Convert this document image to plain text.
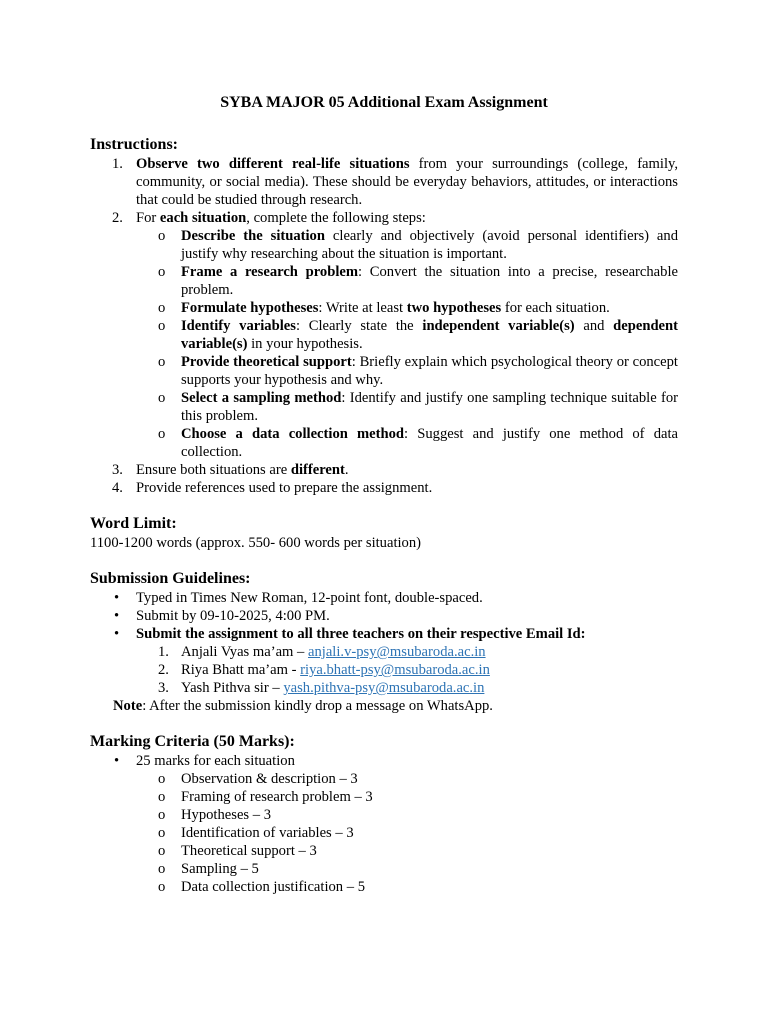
SYBA MAJOR 05 Additional Exam Assignment

Instructions:

1. Observe two different real-life situations from your surroundings (college, family, community, or social media). These should be everyday behaviors, attitudes, or interactions that could be studied through research.
2. For each situation, complete the following steps:
o Describe the situation clearly and objectively (avoid personal identifiers) and justify why researching about the situation is important.
o Frame a research problem: Convert the situation into a precise, researchable problem.
o Formulate hypotheses: Write at least two hypotheses for each situation.
o Identify variables: Clearly state the independent variable(s) and dependent variable(s) in your hypothesis.
o Provide theoretical support: Briefly explain which psychological theory or concept supports your hypothesis and why.
o Select a sampling method: Identify and justify one sampling technique suitable for this problem.
o Choose a data collection method: Suggest and justify one method of data collection.
3. Ensure both situations are different.
4. Provide references used to prepare the assignment.

Word Limit:

1100-1200 words (approx. 550- 600 words per situation)

Submission Guidelines:

• Typed in Times New Roman, 12-point font, double-spaced.
• Submit by 09-10-2025, 4:00 PM.
• Submit the assignment to all three teachers on their respective Email Id:
1. Anjali Vyas ma’am – anjali.v-psy@msubaroda.ac.in
2. Riya Bhatt ma’am - riya.bhatt-psy@msubaroda.ac.in
3. Yash Pithva sir – yash.pithva-psy@msubaroda.ac.in

Note: After the submission kindly drop a message on WhatsApp.

Marking Criteria (50 Marks):

• 25 marks for each situation
o Observation & description – 3
o Framing of research problem – 3
o Hypotheses – 3
o Identification of variables – 3
o Theoretical support – 3
o Sampling – 5
o Data collection justification – 5
